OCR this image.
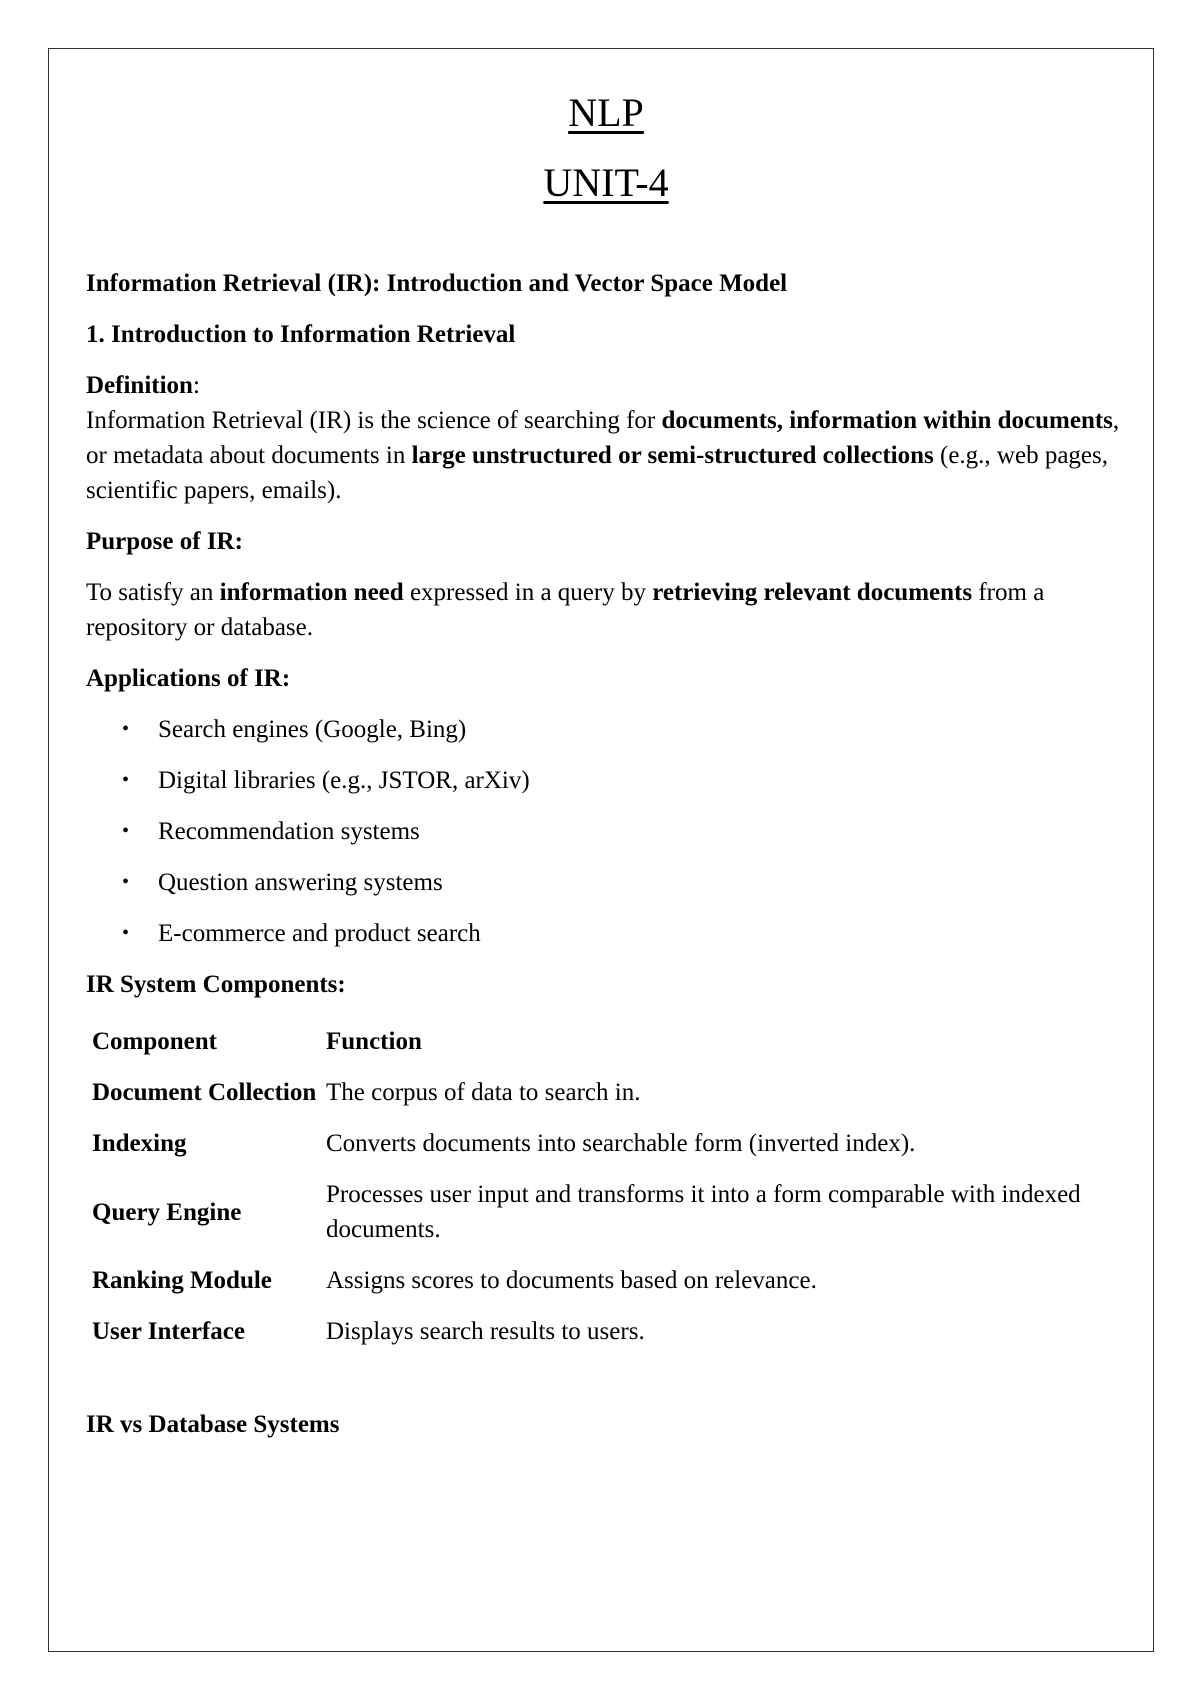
NLP
UNIT-4

Information Retrieval (IR): Introduction and Vector Space Model

1. Introduction to Information Retrieval

Definition:

Information Retrieval (IR) is the science of searching for documents, information within documents, or metadata about documents in large unstructured or semi-structured collections (e.g., web pages, scientific papers, emails).

Purpose of IR:

To satisfy an information need expressed in a query by retrieving relevant documents from a repository or database.

Applications of IR:

• Search engines (Google, Bing)
• Digital libraries (e.g., JSTOR, arXiv)
• Recommendation systems
• Question answering systems
• E-commerce and product search

IR System Components:

Component	Function
Document Collection	The corpus of data to search in.
Indexing	Converts documents into searchable form (inverted index).
Query Engine	Processes user input and transforms it into a form comparable with indexed documents.
Ranking Module	Assigns scores to documents based on relevance.
User Interface	Displays search results to users.

IR vs Database Systems
